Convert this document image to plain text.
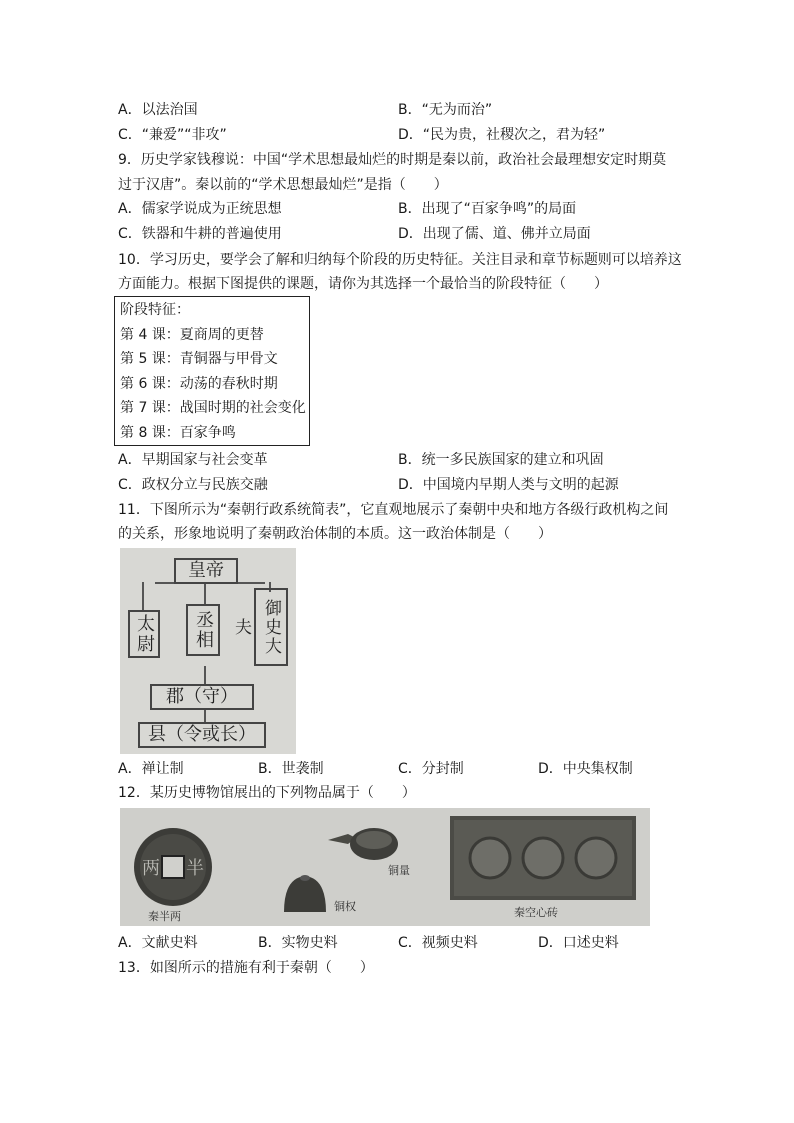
A．以法治国	B．“无为而治”
C．“兼爱”“非攻”	D．“民为贵，社稷次之，君为轻”
9．历史学家钱穆说：中国“学术思想最灿烂的时期是秦以前，政治社会最理想安定时期莫
过于汉唐”。秦以前的“学术思想最灿烂”是指（　　）
A．儒家学说成为正统思想	B．出现了“百家争鸣”的局面
C．铁器和牛耕的普遍使用	D．出现了儒、道、佛并立局面
10．学习历史，要学会了解和归纳每个阶段的历史特征。关注目录和章节标题则可以培养这
方面能力。根据下图提供的课题，请你为其选择一个最恰当的阶段特征（　　）
阶段特征：
第 4 课：夏商周的更替
第 5 课：青铜器与甲骨文
第 6 课：动荡的春秋时期
第 7 课：战国时期的社会变化
第 8 课：百家争鸣
A．早期国家与社会变革	B．统一多民族国家的建立和巩固
C．政权分立与民族交融	D．中国境内早期人类与文明的起源
11．下图所示为“秦朝行政系统简表”，它直观地展示了秦朝中央和地方各级行政机构之间
的关系，形象地说明了秦朝政治体制的本质。这一政治体制是（　　）
皇帝
太尉	丞相	御史大夫
郡（守）
县（令或长）
A．禅让制	B．世袭制	C．分封制	D．中央集权制
12．某历史博物馆展出的下列物品属于（　　）
两 半
秦半两
铜量
铜权	秦空心砖
A．文献史料	B．实物史料	C．视频史料	D．口述史料
13．如图所示的措施有利于秦朝（　　）
